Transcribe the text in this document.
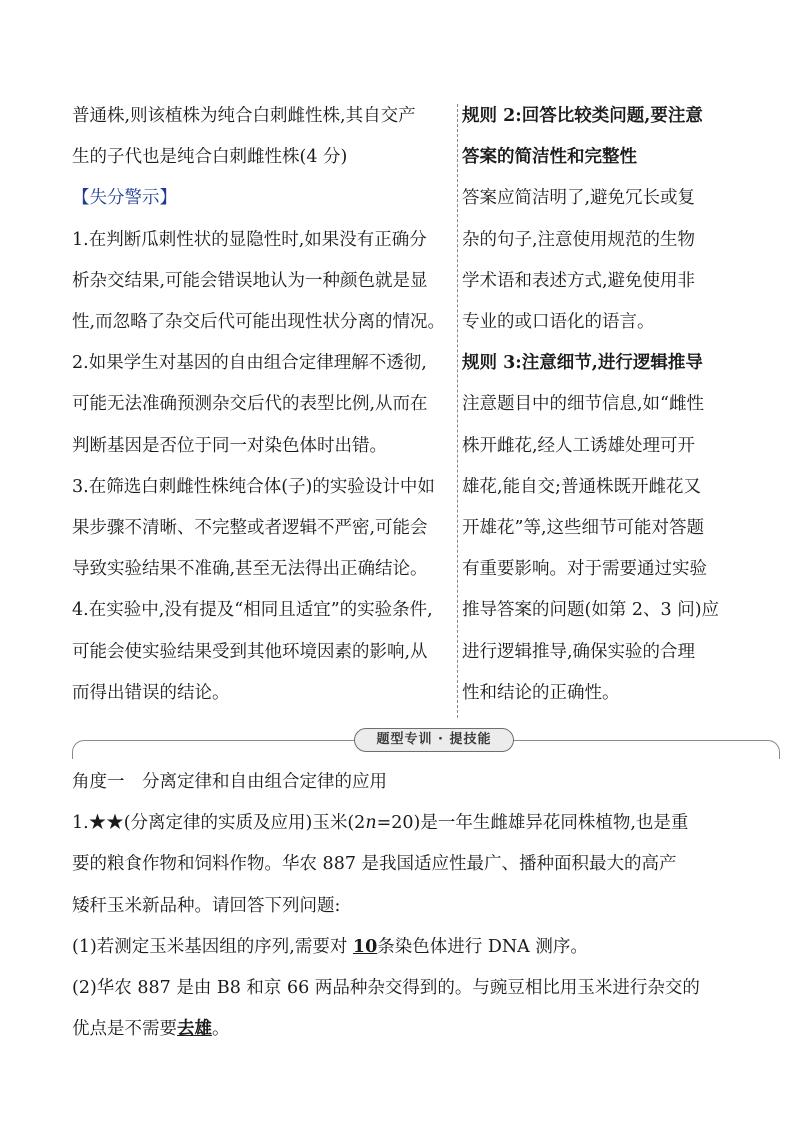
普通株,则该植株为纯合白刺雌性株,其自交产

生的子代也是纯合白刺雌性株(4 分)

【失分警示】

1.在判断瓜刺性状的显隐性时,如果没有正确分

析杂交结果,可能会错误地认为一种颜色就是显

性,而忽略了杂交后代可能出现性状分离的情况。

2.如果学生对基因的自由组合定律理解不透彻,

可能无法准确预测杂交后代的表型比例,从而在

判断基因是否位于同一对染色体时出错。

3.在筛选白刺雌性株纯合体(子)的实验设计中如

果步骤不清晰、不完整或者逻辑不严密,可能会

导致实验结果不准确,甚至无法得出正确结论。

4.在实验中,没有提及“相同且适宜”的实验条件,

可能会使实验结果受到其他环境因素的影响,从

而得出错误的结论。

规则 2:回答比较类问题,要注意

答案的简洁性和完整性

答案应简洁明了,避免冗长或复

杂的句子,注意使用规范的生物

学术语和表述方式,避免使用非

专业的或口语化的语言。

规则 3:注意细节,进行逻辑推导

注意题目中的细节信息,如“雌性

株开雌花,经人工诱雄处理可开

雄花,能自交;普通株既开雌花又

开雄花”等,这些细节可能对答题

有重要影响。对于需要通过实验

推导答案的问题(如第 2、3 问)应

进行逻辑推导,确保实验的合理

性和结论的正确性。

题型专训 · 提技能

角度一　分离定律和自由组合定律的应用

1.★★(分离定律的实质及应用)玉米(2n=20)是一年生雌雄异花同株植物,也是重

要的粮食作物和饲料作物。华农 887 是我国适应性最广、播种面积最大的高产

矮秆玉米新品种。请回答下列问题:

(1)若测定玉米基因组的序列,需要对 10条染色体进行 DNA 测序。

(2)华农 887 是由 B8 和京 66 两品种杂交得到的。与豌豆相比用玉米进行杂交的

优点是不需要去雄。
